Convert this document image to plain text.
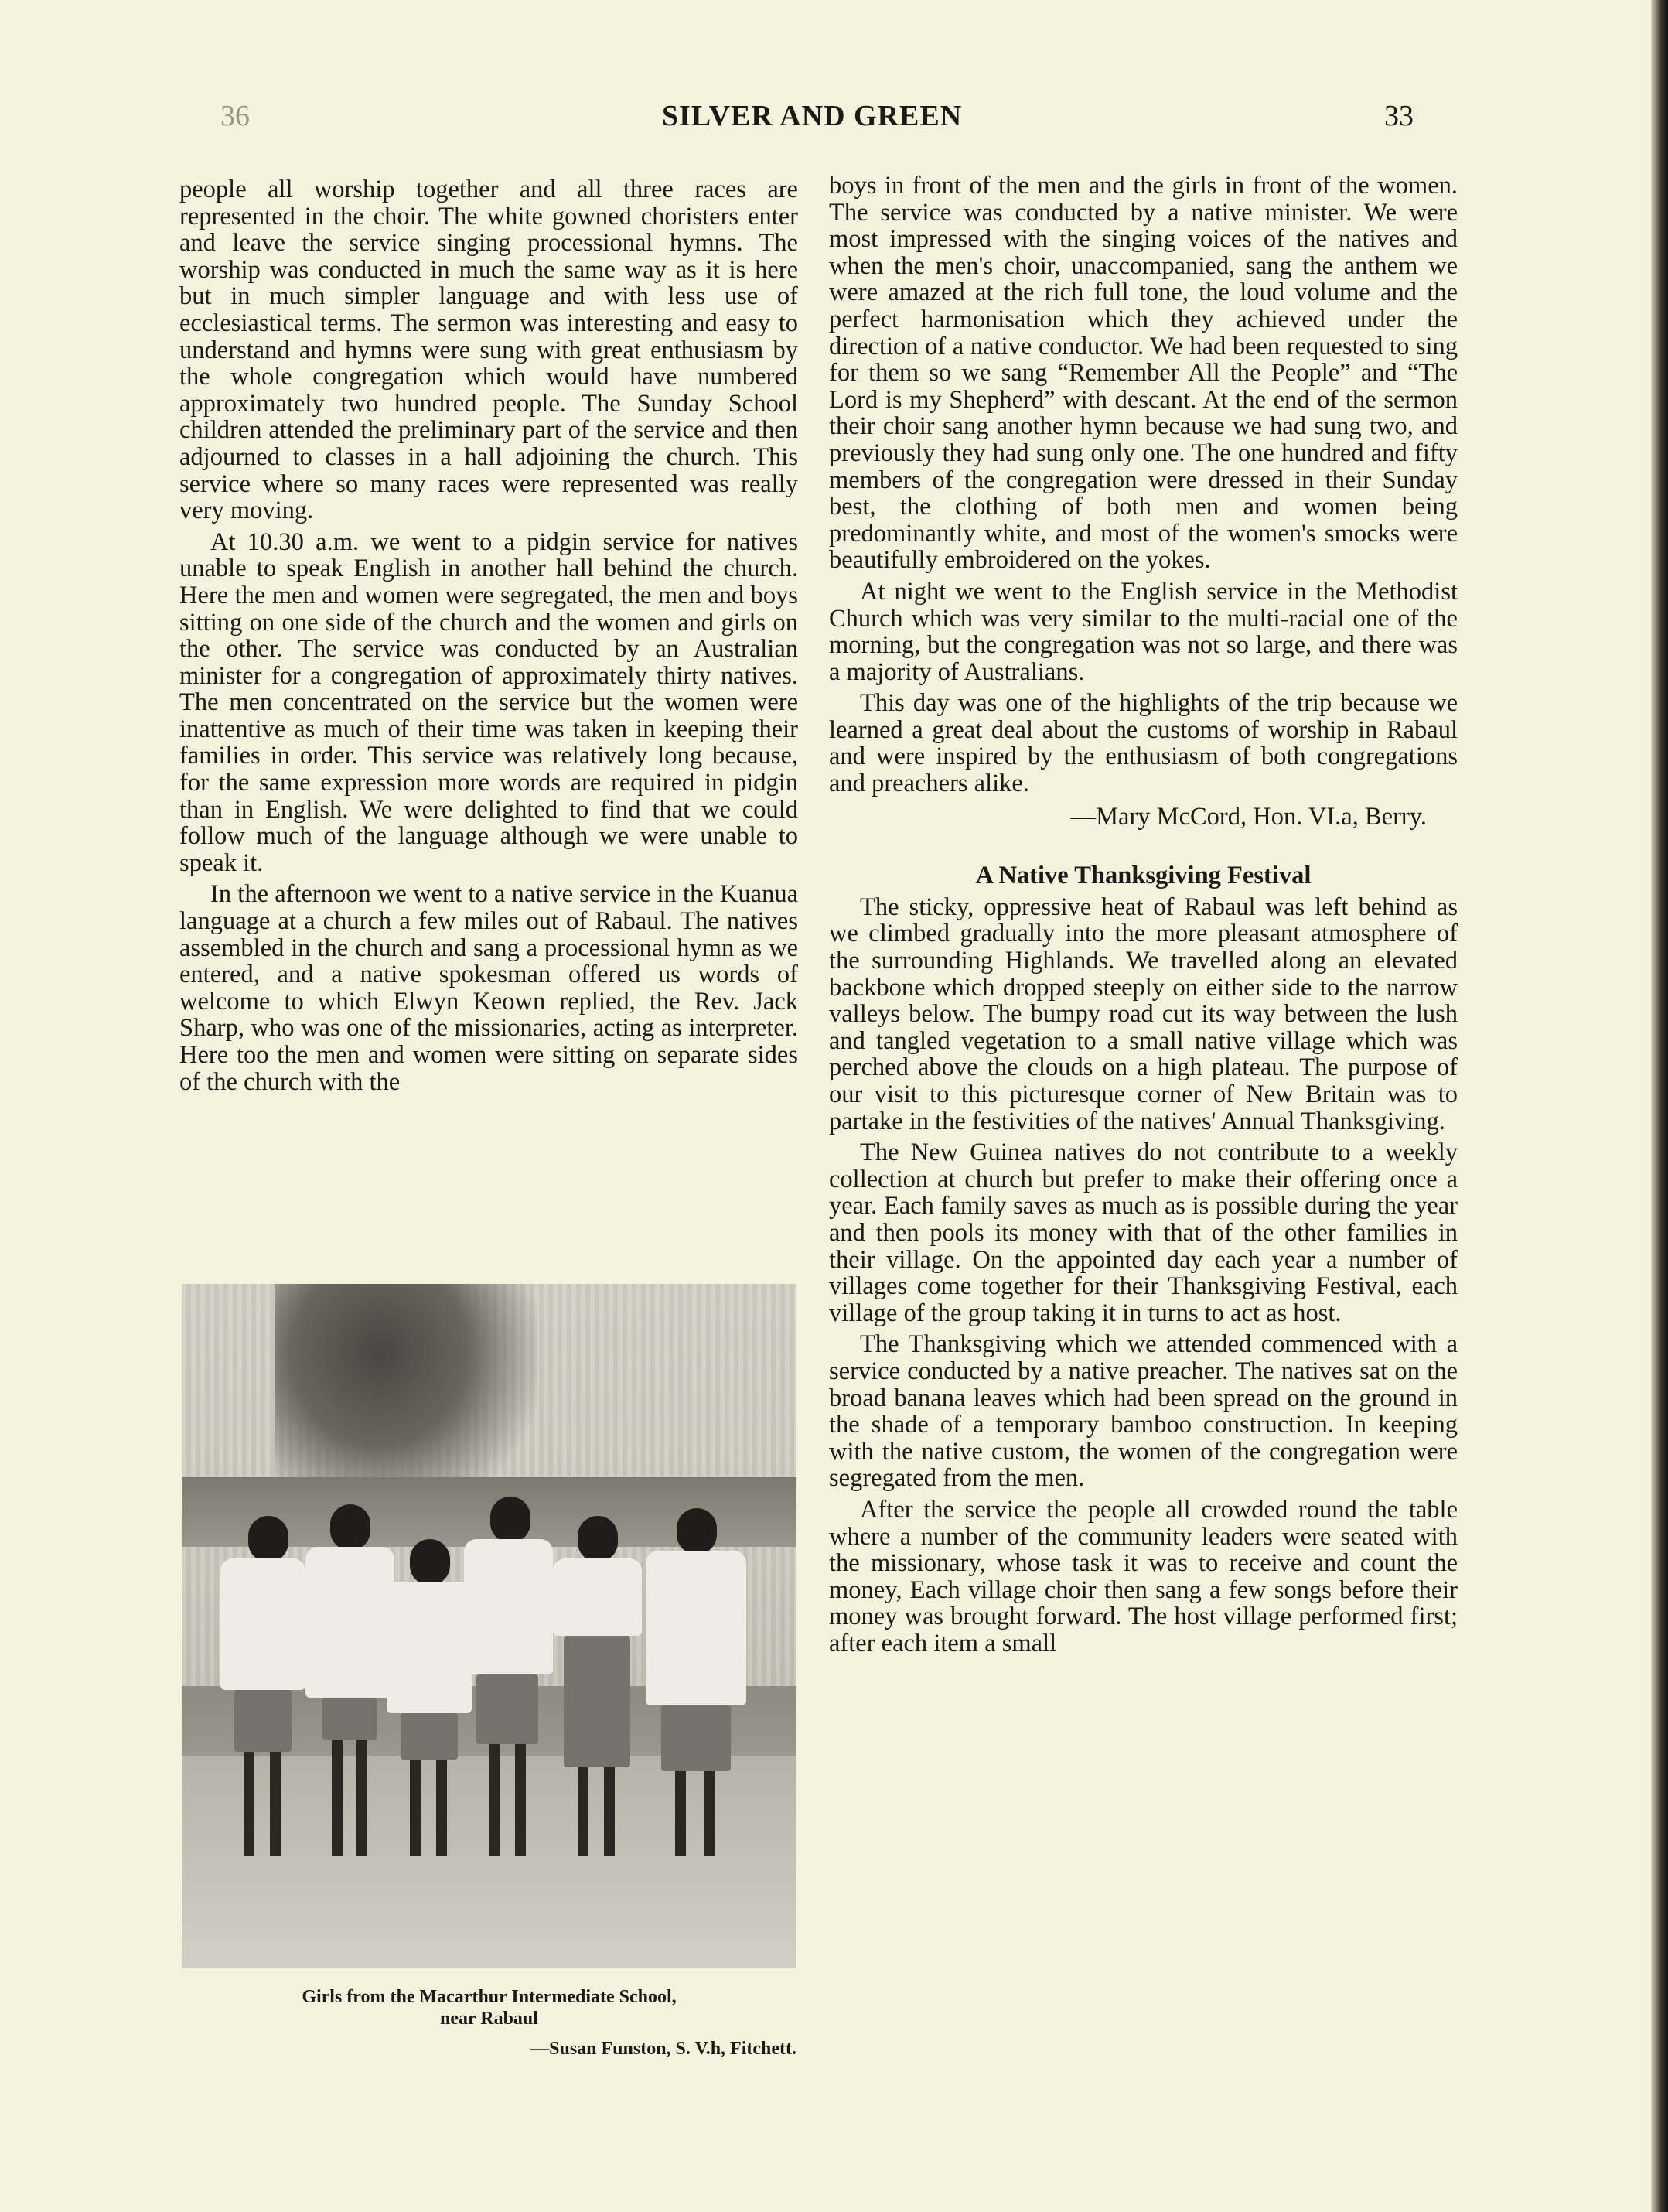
36	SILVER AND GREEN	33

people all worship together and all three races are represented in the choir. The white gowned choristers enter and leave the service singing processional hymns. The worship was conducted in much the same way as it is here but in much simpler language and with less use of ecclesiastical terms. The sermon was interesting and easy to understand and hymns were sung with great enthusiasm by the whole congregation which would have numbered approximately two hundred people. The Sunday School children attended the preliminary part of the service and then adjourned to classes in a hall adjoining the church. This service where so many races were represented was really very moving.

At 10.30 a.m. we went to a pidgin service for natives unable to speak English in another hall behind the church. Here the men and women were segregated, the men and boys sitting on one side of the church and the women and girls on the other. The service was conducted by an Australian minister for a congregation of approximately thirty natives. The men concentrated on the service but the women were inattentive as much of their time was taken in keeping their families in order. This service was relatively long because, for the same expression more words are required in pidgin than in English. We were delighted to find that we could follow much of the language although we were unable to speak it.

In the afternoon we went to a native service in the Kuanua language at a church a few miles out of Rabaul. The natives assembled in the church and sang a processional hymn as we entered, and a native spokesman offered us words of welcome to which Elwyn Keown replied, the Rev. Jack Sharp, who was one of the missionaries, acting as interpreter. Here too the men and women were sitting on separate sides of the church with the

Girls from the Macarthur Intermediate School,
near Rabaul
—Susan Funston, S. V.h, Fitchett.

boys in front of the men and the girls in front of the women. The service was conducted by a native minister. We were most impressed with the singing voices of the natives and when the men's choir, unaccompanied, sang the anthem we were amazed at the rich full tone, the loud volume and the perfect harmonisation which they achieved under the direction of a native conductor. We had been requested to sing for them so we sang “Remember All the People” and “The Lord is my Shepherd” with descant. At the end of the sermon their choir sang another hymn because we had sung two, and previously they had sung only one. The one hundred and fifty members of the congregation were dressed in their Sunday best, the clothing of both men and women being predominantly white, and most of the women's smocks were beautifully embroidered on the yokes.

At night we went to the English service in the Methodist Church which was very similar to the multi-racial one of the morning, but the congregation was not so large, and there was a majority of Australians.

This day was one of the highlights of the trip because we learned a great deal about the customs of worship in Rabaul and were inspired by the enthusiasm of both congregations and preachers alike.

—Mary McCord, Hon. VI.a, Berry.

A Native Thanksgiving Festival

The sticky, oppressive heat of Rabaul was left behind as we climbed gradually into the more pleasant atmosphere of the surrounding Highlands. We travelled along an elevated backbone which dropped steeply on either side to the narrow valleys below. The bumpy road cut its way between the lush and tangled vegetation to a small native village which was perched above the clouds on a high plateau. The purpose of our visit to this picturesque corner of New Britain was to partake in the festivities of the natives' Annual Thanksgiving.

The New Guinea natives do not contribute to a weekly collection at church but prefer to make their offering once a year. Each family saves as much as is possible during the year and then pools its money with that of the other families in their village. On the appointed day each year a number of villages come together for their Thanksgiving Festival, each village of the group taking it in turns to act as host.

The Thanksgiving which we attended commenced with a service conducted by a native preacher. The natives sat on the broad banana leaves which had been spread on the ground in the shade of a temporary bamboo construction. In keeping with the native custom, the women of the congregation were segregated from the men.

After the service the people all crowded round the table where a number of the community leaders were seated with the missionary, whose task it was to receive and count the money, Each village choir then sang a few songs before their money was brought forward. The host village performed first; after each item a small
